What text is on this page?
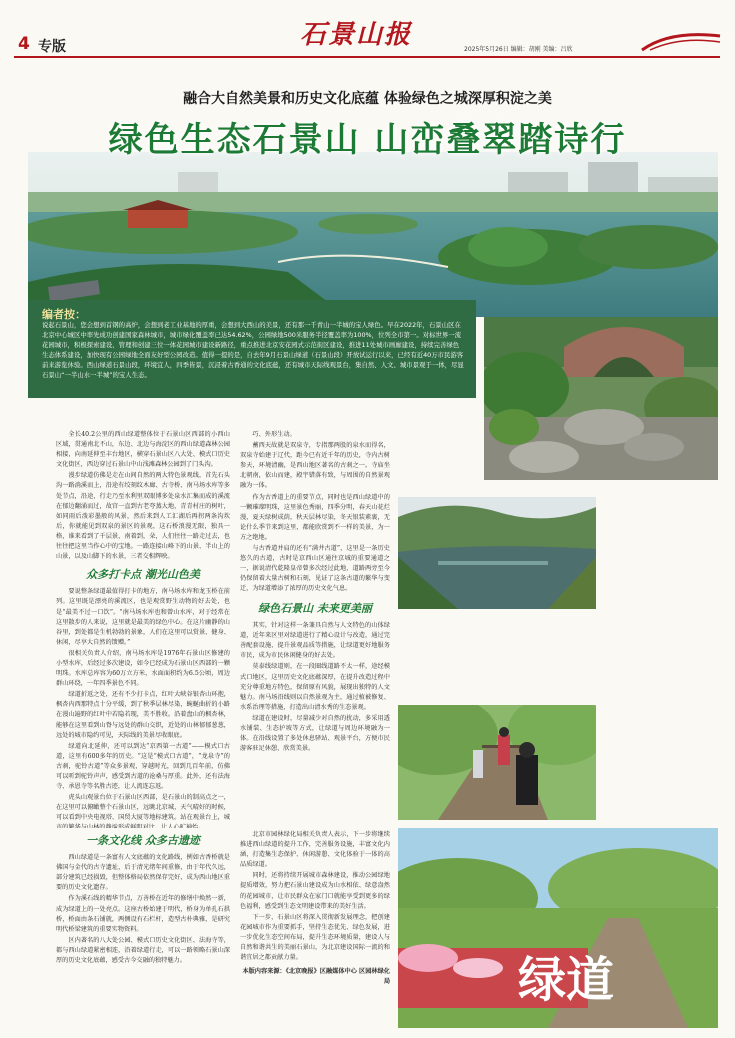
4 专版	石景山报	2025年5月26日 编辑：胡刚 美编：吕欣
融合大自然美景和历史文化底蕴 体验绿色之城深厚积淀之美
绿色生态石景山 山峦叠翠踏诗行
编者按：
说起石景山，您会想到首钢的高炉，会想到老工业基地的厚重，会想到大西山的美景，还有那一千青山一半城的宝人绿色。早在2022年，石景山区在北京中心城区中率先成功创建国家森林城市，城市绿化覆盖率已达54.62%，公园绿地500米服务半径覆盖率为100%，位列全市第一。对标世界一流花园城市，积极探索建设、管理和创建三位一体花园城市建设新路径，重点推进北京安花园式示范街区建设，推进11处城市画廊建设，持续完善绿色生态体系建设，加快现有公园绿地全面友好型公园改造。值得一提的是，自去年9月石景山绿道（石景山段）开放试运行以来，已经有近40万市民游客前来游览休验。西山绿道石景山段，环境宜人，四季皆景，沉浸着古香通的文化底蕴，还有城市天际线观景台，集自然、人文、城市景观于一体，尽显石景山“一半山水一半城”的宝人生态。
绿道

全长40.2公里的西山绿道整体位于石景山区西部的小西山区域，贯通南北不山，东边、北边与海淀区的西山绿道森林公园相接，向南延伸至丰台地区，横穿石景山区八大处、模式口历史文化街区，西边穿过石景山中山浅滩森林公园到了门头沟。

漫步绿道仿佛是走在山间自然的两大特色景观线，首先石头沟一路淌溪而上，沿途有绞刻纹木廊、古寺桥、南马场水库等多处节点，沿途，行走乃至水利里双眼博多处泉水汇集而成的溪流在郁边翻涌而过，故宫一直到古老夸蒸大地，青青村庄的树叶，如同雨后泼彩墨般的风景，然后来到人工汇湖后再拐两条沟坎后，你就能见到双泉的景区的景观，这石桥浪漫无限，独具一格，谁来看到了千层景，南着到，朵，人们往往一路走过去，也往往把这里当作心中的宝地。一路连接山峰下的山景、半山上的山景，以及山脚下的水景，三者交相辉映。

众多打卡点 潮光山色美

要说整条绿道最值得打卡的地方，南马场水库和龙玉桥在前列。这里既是漂亮的溪流区，也是观赏野生动物的好去处，也是“最美不过一口饮”。“南马场水库也和曾山水库，对于经常在这里散步的人来说，这里就是最美的绿色中心。在这片幽静的山谷里，到处都是生机勃勃的景象，人们在这里可以赏景、健身、休闲，尽享大自然的馈赠。”

很相关负责人介绍，南马场水库是1976年石景山区修建的小型水库，后经过多次建设，如今已经成为石景山区西部的一颗明珠。水库总库容为60万立方米，水面面积约为6.5公顷，周边群山环绕，一年四季景色不同。

绿道折返之处，还有不少打卡点，红叶大峡谷银杏山环抱，枫杏内西那特点十分平缓，到了秋季层林尽染，蜿蜒曲折的小路在漫山遍野的红叶中若隐若现，美不胜收。沿着盘山的枫杏林，能够在这里看到山脊与远处的群山交织，近处的山林郁郁葱葱，远处的城市隐约可见，天际线的美景尽收眼底。

绿道向北延伸，还可以到达“京西第一古道”——模式口古道，这里有600多年的历史。“这是“模式口古道”，“龙泉寺”的古刹，驼铃古道”等众多景观，穿越时光，回到几百年前，仿佛可以听到驼铃声声，感受到古道的沧桑与厚重。此外，还有法海寺、承恩寺等名胜古迹，让人流连忘返。

虎头山观景台位于石景山区西部，是石景山的制高点之一，在这里可以俯瞰整个石景山区，远眺北京城，天气晴好的时候，可以看到中央电视塔、国贸大厦等地标建筑。站在观景台上，城

一条文化线 众多古遗迹

西山绿道是一条富有人文底蕴的文化路线，例如古香桥就是佛国与金代的古寺遗址，后于清光绪年间重修，由于年代久远，部分建筑已经损毁，但整体格局依然保存完好，成为西山地区重要的历史文化遗存。

作为溪石线的精华节点，万善桥在近年的修缮中焕然一新，成为绿道上的一处亮点。这座古桥始建于明代，桥身为单孔石拱桥，桥面由条石铺就，两侧设有石栏杆，造型古朴典雅，是研究明代桥梁建筑的重要实物资料。

区内著名的八大处公园、模式口历史文化街区、法海寺等，都与西山绿道紧密相连，沿着绿道行走，可以一路领略石景山深厚的历史文化底蕴，感受古今交融的独特魅力。

巧、外形生动。

蓄西天故就是双泉寺，专指那两股的泉水而得名，双泉寺始建于辽代，距今已有近千年的历史，寺内古树参天，环境清幽，是西山地区著名的古刹之一。寺庙坐北朝南，依山而建，殿宇错落有致，与周围的自然景观融为一体。

作为古香道上的重要节点，同时也是西山绿道中的一颗璀璨明珠，这里景色秀丽，四季分明，春天山花烂漫，夏天绿树成荫，秋天层林尽染，冬天银装素裹，无论什么季节来到这里，都能欣赏到不一样的美景，为一方之绝地。

与古香道并肩的还有“满井古道”，这里是一条历史悠久的古道，古时是京西山区通往京城的重要通道之一，据说清代乾隆皇帝曾多次经过此地，道路两旁至今仍保留着大量古树和石刻，见证了这条古道的繁华与变迁，为绿道增添了浓厚的历史文化气息。

绿色石景山 未来更美丽

其实，针对这样一条兼具自然与人文特色的山体绿道，近年来区里对绿道进行了精心设计与改造，通过完善配套设施、提升景观品质等措施，让绿道更好地服务市民，成为市民休闲健身的好去处。

莫泰线绿道则，在一段圈线道路不太一样，途经模式口地区，这里历史文化底蕴深厚，在提升改造过程中充分尊重地方特色，保留原有风貌，展现出独特的人文魅力。南马场沿线则以自然景观为主，通过植被修复、水系治理等措施，打造出山清水秀的生态景观。

绿道在建设时，尽量减少对自然的扰动，多采用透水铺装、生态护坡等方式，让绿道与周边环境融为一体。在沿线设置了多处休息驿站、观景平台，方便市民游客驻足休憩，欣赏美景。

北京市园林绿化局相关负责人表示，下一步将继续推进西山绿道的提升工作，完善服务设施，丰富文化内涵，打造集生态保护、休闲游憩、文化体验于一体的高品质绿道。

同时，还将持续开展城市森林建设，推动公园绿地提质增效，努力把石景山建设成为山水相依、绿意盎然的花园城市，让市民群众在家门口就能享受到更多的绿色福利，感受到生态文明建设带来的美好生活。

下一步，石景山区将深入贯彻新发展理念，把创建花园城市作为重要抓手，坚持生态优先、绿色发展，进一步优化生态空间布局，提升生态环境质量，建设人与自然和谐共生的美丽石景山，为北京建设国际一流的和谐宜居之都贡献力量。

本版内容来源：《北京晚报》区融媒体中心 区园林绿化局
